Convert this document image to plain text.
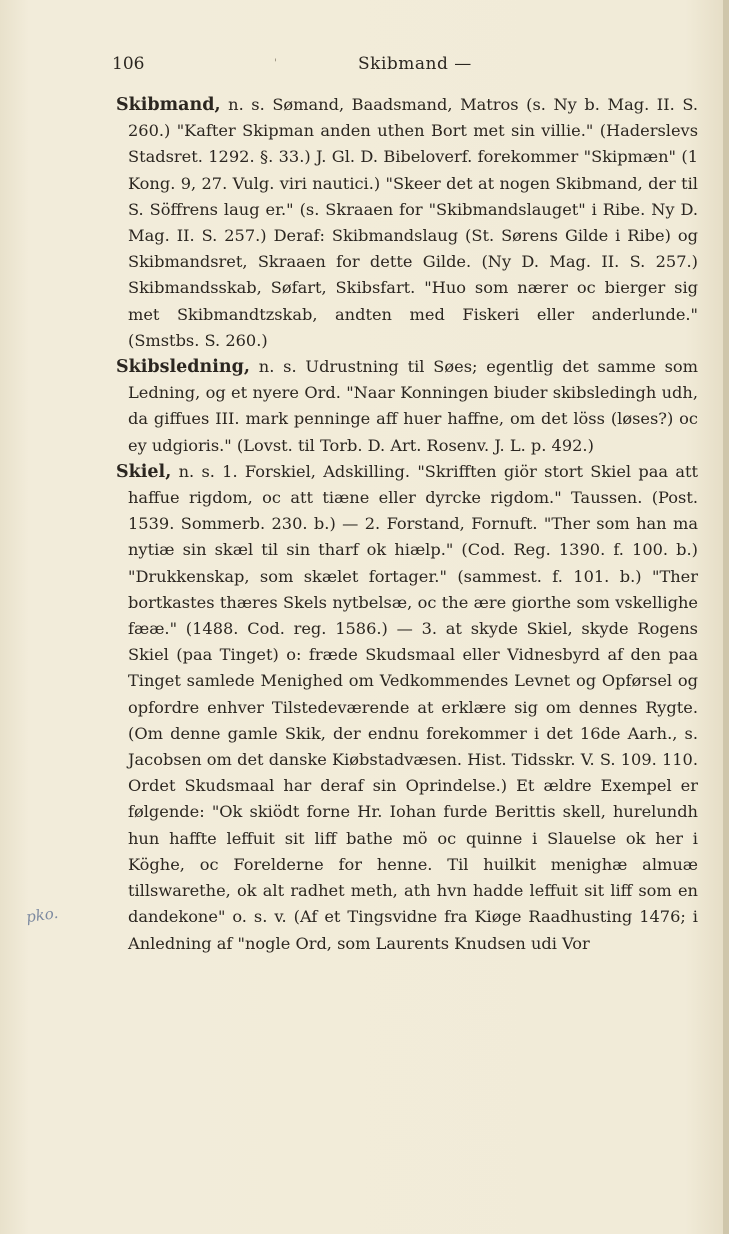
106	'	Skibmand —
pko.

Skibmand, n. s. Sømand, Baadsmand, Matros (s. Ny b. Mag. II. S. 260.) "Kafter Skipman anden uthen Bort met sin villie." (Haderslevs Stadsret. 1292. §. 33.) J. Gl. D. Bibeloverf. forekommer "Skipmæn" (1 Kong. 9, 27. Vulg. viri nautici.) "Skeer det at nogen Skibmand, der til S. Söffrens laug er." (s. Skraaen for "Skibmandslauget" i Ribe. Ny D. Mag. II. S. 257.) Deraf: Skibmandslaug (St. Sørens Gilde i Ribe) og Skibmandsret, Skraaen for dette Gilde. (Ny D. Mag. II. S. 257.) Skibmandsskab, Søfart, Skibsfart. "Huo som nærer oc bierger sig met Skibmandtzskab, andten med Fiskeri eller anderlunde." (Smstbs. S. 260.)

Skibsledning, n. s. Udrustning til Søes; egentlig det samme som Ledning, og et nyere Ord. "Naar Konningen biuder skibsledingh udh, da giffues III. mark penninge aff huer haffne, om det löss (løses?) oc ey udgioris." (Lovst. til Torb. D. Art. Rosenv. J. L. p. 492.)

Skiel, n. s. 1. Forskiel, Adskilling. "Skrifften giör stort Skiel paa att haffue rigdom, oc att tiæne eller dyrcke rigdom." Taussen. (Post. 1539. Sommerb. 230. b.) — 2. Forstand, Fornuft. "Ther som han ma nytiæ sin skæl til sin tharf ok hiælp." (Cod. Reg. 1390. f. 100. b.) "Drukkenskap, som skælet fortager." (sammest. f. 101. b.) "Ther bortkastes thæres Skels nytbelsæ, oc the ære giorthe som vskellighe fææ." (1488. Cod. reg. 1586.) — 3. at skyde Skiel, skyde Rogens Skiel (paa Tinget) o: fræde Skudsmaal eller Vidnesbyrd af den paa Tinget samlede Menighed om Vedkommendes Levnet og Opførsel og opfordre enhver Tilstedeværende at erklære sig om dennes Rygte. (Om denne gamle Skik, der endnu forekommer i det 16de Aarh., s. Jacobsen om det danske Kiøbstadvæsen. Hist. Tidsskr. V. S. 109. 110. Ordet Skudsmaal har deraf sin Oprindelse.) Et ældre Exempel er følgende: "Ok skiödt forne Hr. Iohan furde Berittis skell, hurelundh hun haffte leffuit sit liff bathe mö oc quinne i Slauelse ok her i Köghe, oc Forelderne for henne. Til huilkit menighæ almuæ tillswarethe, ok alt radhet meth, ath hvn hadde leffuit sit liff som en dandekone" o. s. v. (Af et Tingsvidne fra Kiøge Raadhusting 1476; i Anledning af "nogle Ord, som Laurents Knudsen udi Vor
